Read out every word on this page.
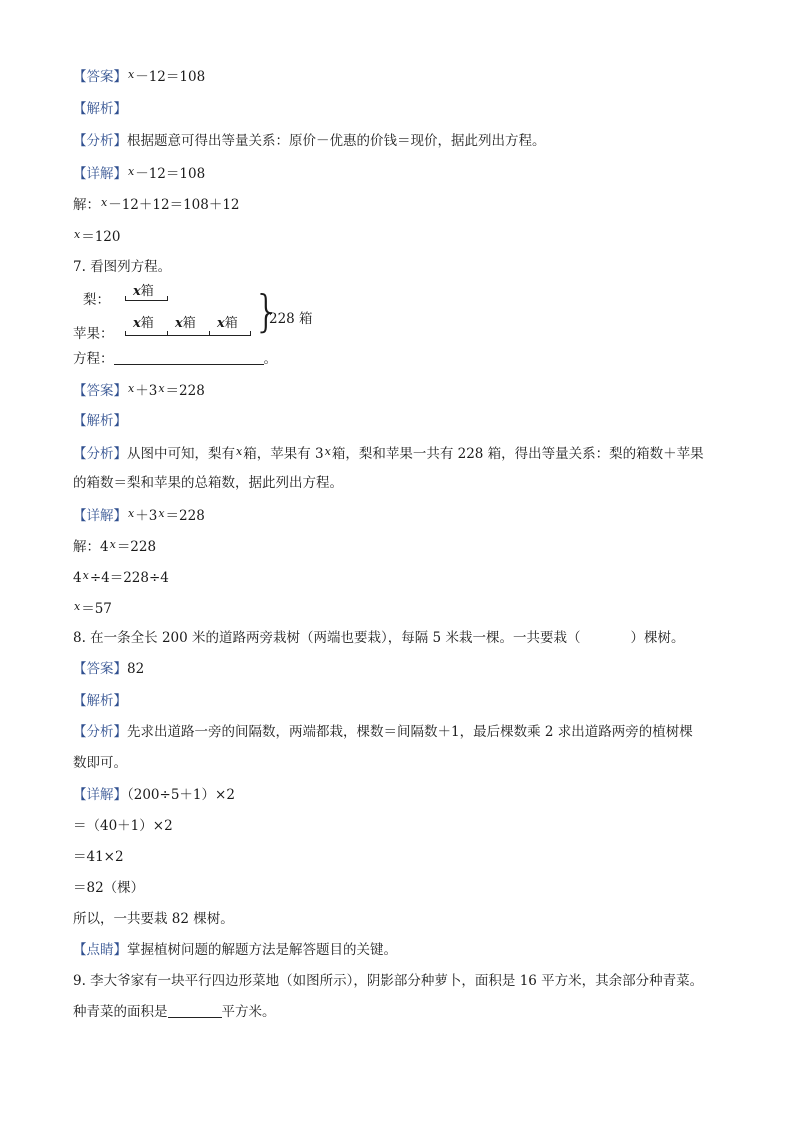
【答案】$^x$－12＝108
【解析】
【分析】根据题意可得出等量关系：原价－优惠的价钱＝现价，据此列出方程。
【详解】$^x$－12＝108
解：$^x$－12＋12＝108＋12
$^x$＝120
7. 看图列方程。
梨：
苹果：
x箱
x箱 x箱 x箱 }
228 箱
方程：	。
【答案】$^x+3^x=228$
【解析】
【分析】从图中可知，梨有$^x$箱，苹果有 3$^x$箱，梨和苹果一共有 228 箱，得出等量关系：梨的箱数＋苹果
的箱数＝梨和苹果的总箱数，据此列出方程。
【详解】$^x+3^x=228$
解：$4^x=228$
$4^x\div 4=228\div 4$
$^x$＝57
8. 在一条全长 200 米的道路两旁栽树（两端也要栽），每隔 5 米栽一棵。一共要栽（	）棵树。
【答案】82
【解析】
【分析】先求出道路一旁的间隔数，两端都栽，棵数＝间隔数＋1，最后棵数乘 2 求出道路两旁的植树棵
数即可。
【详解】（200÷5＋1）×2
＝（40＋1）×2
＝41×2
＝82（棵）
所以，一共要栽 82 棵树。
【点睛】掌握植树问题的解题方法是解答题目的关键。
9. 李大爷家有一块平行四边形菜地（如图所示），阴影部分种萝卜，面积是 16 平方米，其余部分种青菜。
种青菜的面积是	平方米。
